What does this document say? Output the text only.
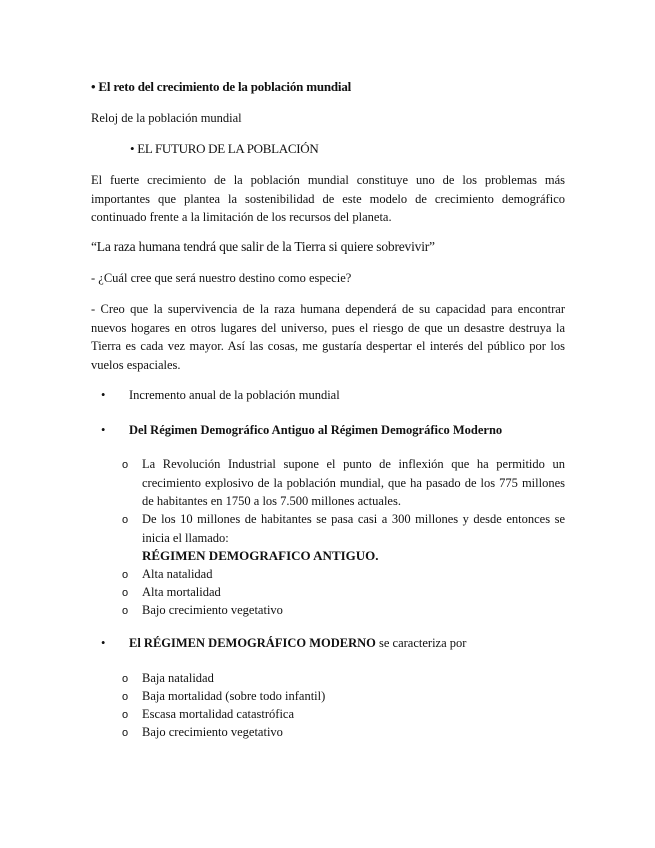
• El reto del crecimiento de la población mundial
Reloj de la población mundial
• EL FUTURO DE LA POBLACIÓN
El fuerte crecimiento de la población mundial constituye uno de los problemas más importantes que plantea la sostenibilidad de este modelo de crecimiento demográfico continuado frente a la limitación de los recursos del planeta.
“La raza humana tendrá que salir de la Tierra si quiere sobrevivir”
- ¿Cuál cree que será nuestro destino como especie?
- Creo que la supervivencia de la raza humana dependerá de su capacidad para encontrar nuevos hogares en otros lugares del universo, pues el riesgo de que un desastre destruya la Tierra es cada vez mayor. Así las cosas, me gustaría despertar el interés del público por los vuelos espaciales.
• Incremento anual de la población mundial
• Del Régimen Demográfico Antiguo al Régimen Demográfico Moderno
o La Revolución Industrial supone el punto de inflexión que ha permitido un crecimiento explosivo de la población mundial, que ha pasado de los 775 millones de habitantes en 1750 a los 7.500 millones actuales.
o De los 10 millones de habitantes se pasa casi a 300 millones y desde entonces se inicia el llamado:
RÉGIMEN DEMOGRAFICO ANTIGUO.
o Alta natalidad
o Alta mortalidad
o Bajo crecimiento vegetativo
• El RÉGIMEN DEMOGRÁFICO MODERNO se caracteriza por
o Baja natalidad
o Baja mortalidad (sobre todo infantil)
o Escasa mortalidad catastrófica
o Bajo crecimiento vegetativo
